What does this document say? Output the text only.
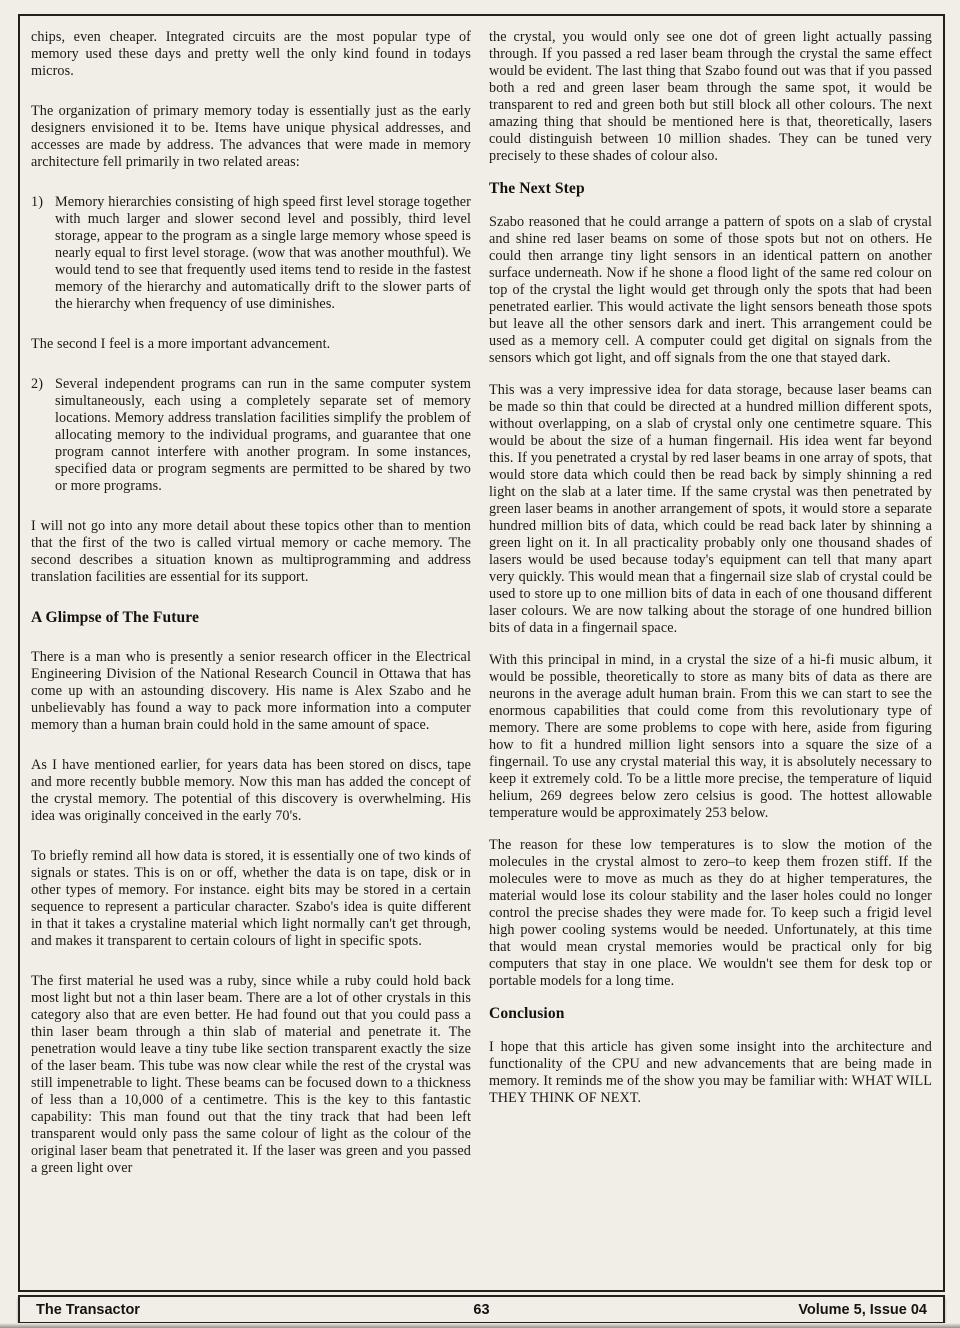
chips, even cheaper. Integrated circuits are the most popular type of memory used these days and pretty well the only kind found in todays micros.

The organization of primary memory today is essentially just as the early designers envisioned it to be. Items have unique physical addresses, and accesses are made by address. The advances that were made in memory architecture fell primarily in two related areas:

1) Memory hierarchies consisting of high speed first level storage together with much larger and slower second level and possibly, third level storage, appear to the program as a single large memory whose speed is nearly equal to first level storage. (wow that was another mouthful). We would tend to see that frequently used items tend to reside in the fastest memory of the hierarchy and automatically drift to the slower parts of the hierarchy when frequency of use diminishes.

The second I feel is a more important advancement.

2) Several independent programs can run in the same computer system simultaneously, each using a completely separate set of memory locations. Memory address translation facilities simplify the problem of allocating memory to the individual programs, and guarantee that one program cannot interfere with another program. In some instances, specified data or program segments are permitted to be shared by two or more programs.

I will not go into any more detail about these topics other than to mention that the first of the two is called virtual memory or cache memory. The second describes a situation known as multiprogramming and address translation facilities are essential for its support.

A Glimpse of The Future

There is a man who is presently a senior research officer in the Electrical Engineering Division of the National Research Council in Ottawa that has come up with an astounding discovery. His name is Alex Szabo and he unbelievably has found a way to pack more information into a computer memory than a human brain could hold in the same amount of space.

As I have mentioned earlier, for years data has been stored on discs, tape and more recently bubble memory. Now this man has added the concept of the crystal memory. The potential of this discovery is overwhelming. His idea was originally conceived in the early 70's.

To briefly remind all how data is stored, it is essentially one of two kinds of signals or states. This is on or off, whether the data is on tape, disk or in other types of memory. For instance. eight bits may be stored in a certain sequence to represent a particular character. Szabo's idea is quite different in that it takes a crystaline material which light normally can't get through, and makes it transparent to certain colours of light in specific spots.

The first material he used was a ruby, since while a ruby could hold back most light but not a thin laser beam. There are a lot of other crystals in this category also that are even better. He had found out that you could pass a thin laser beam through a thin slab of material and penetrate it. The penetration would leave a tiny tube like section transparent exactly the size of the laser beam. This tube was now clear while the rest of the crystal was still impenetrable to light. These beams can be focused down to a thickness of less than a 10,000 of a centimetre. This is the key to this fantastic capability: This man found out that the tiny track that had been left transparent would only pass the same colour of light as the colour of the original laser beam that penetrated it. If the laser was green and you passed a green light over

the crystal, you would only see one dot of green light actually passing through. If you passed a red laser beam through the crystal the same effect would be evident. The last thing that Szabo found out was that if you passed both a red and green laser beam through the same spot, it would be transparent to red and green both but still block all other colours. The next amazing thing that should be mentioned here is that, theoretically, lasers could distinguish between 10 million shades. They can be tuned very precisely to these shades of colour also.

The Next Step

Szabo reasoned that he could arrange a pattern of spots on a slab of crystal and shine red laser beams on some of those spots but not on others. He could then arrange tiny light sensors in an identical pattern on another surface underneath. Now if he shone a flood light of the same red colour on top of the crystal the light would get through only the spots that had been penetrated earlier. This would activate the light sensors beneath those spots but leave all the other sensors dark and inert. This arrangement could be used as a memory cell. A computer could get digital on signals from the sensors which got light, and off signals from the one that stayed dark.

This was a very impressive idea for data storage, because laser beams can be made so thin that could be directed at a hundred million different spots, without overlapping, on a slab of crystal only one centimetre square. This would be about the size of a human fingernail. His idea went far beyond this. If you penetrated a crystal by red laser beams in one array of spots, that would store data which could then be read back by simply shinning a red light on the slab at a later time. If the same crystal was then penetrated by green laser beams in another arrangement of spots, it would store a separate hundred million bits of data, which could be read back later by shinning a green light on it. In all practicality probably only one thousand shades of lasers would be used because today's equipment can tell that many apart very quickly. This would mean that a fingernail size slab of crystal could be used to store up to one million bits of data in each of one thousand different laser colours. We are now talking about the storage of one hundred billion bits of data in a fingernail space.

With this principal in mind, in a crystal the size of a hi-fi music album, it would be possible, theoretically to store as many bits of data as there are neurons in the average adult human brain. From this we can start to see the enormous capabilities that could come from this revolutionary type of memory. There are some problems to cope with here, aside from figuring how to fit a hundred million light sensors into a square the size of a fingernail. To use any crystal material this way, it is absolutely necessary to keep it extremely cold. To be a little more precise, the temperature of liquid helium, 269 degrees below zero celsius is good. The hottest allowable temperature would be approximately 253 below.

The reason for these low temperatures is to slow the motion of the molecules in the crystal almost to zero–to keep them frozen stiff. If the molecules were to move as much as they do at higher temperatures, the material would lose its colour stability and the laser holes could no longer control the precise shades they were made for. To keep such a frigid level high power cooling systems would be needed. Unfortunately, at this time that would mean crystal memories would be practical only for big computers that stay in one place. We wouldn't see them for desk top or portable models for a long time.

Conclusion

I hope that this article has given some insight into the architecture and functionality of the CPU and new advancements that are being made in memory. It reminds me of the show you may be familiar with: WHAT WILL THEY THINK OF NEXT.

The Transactor	63	Volume 5, Issue 04
